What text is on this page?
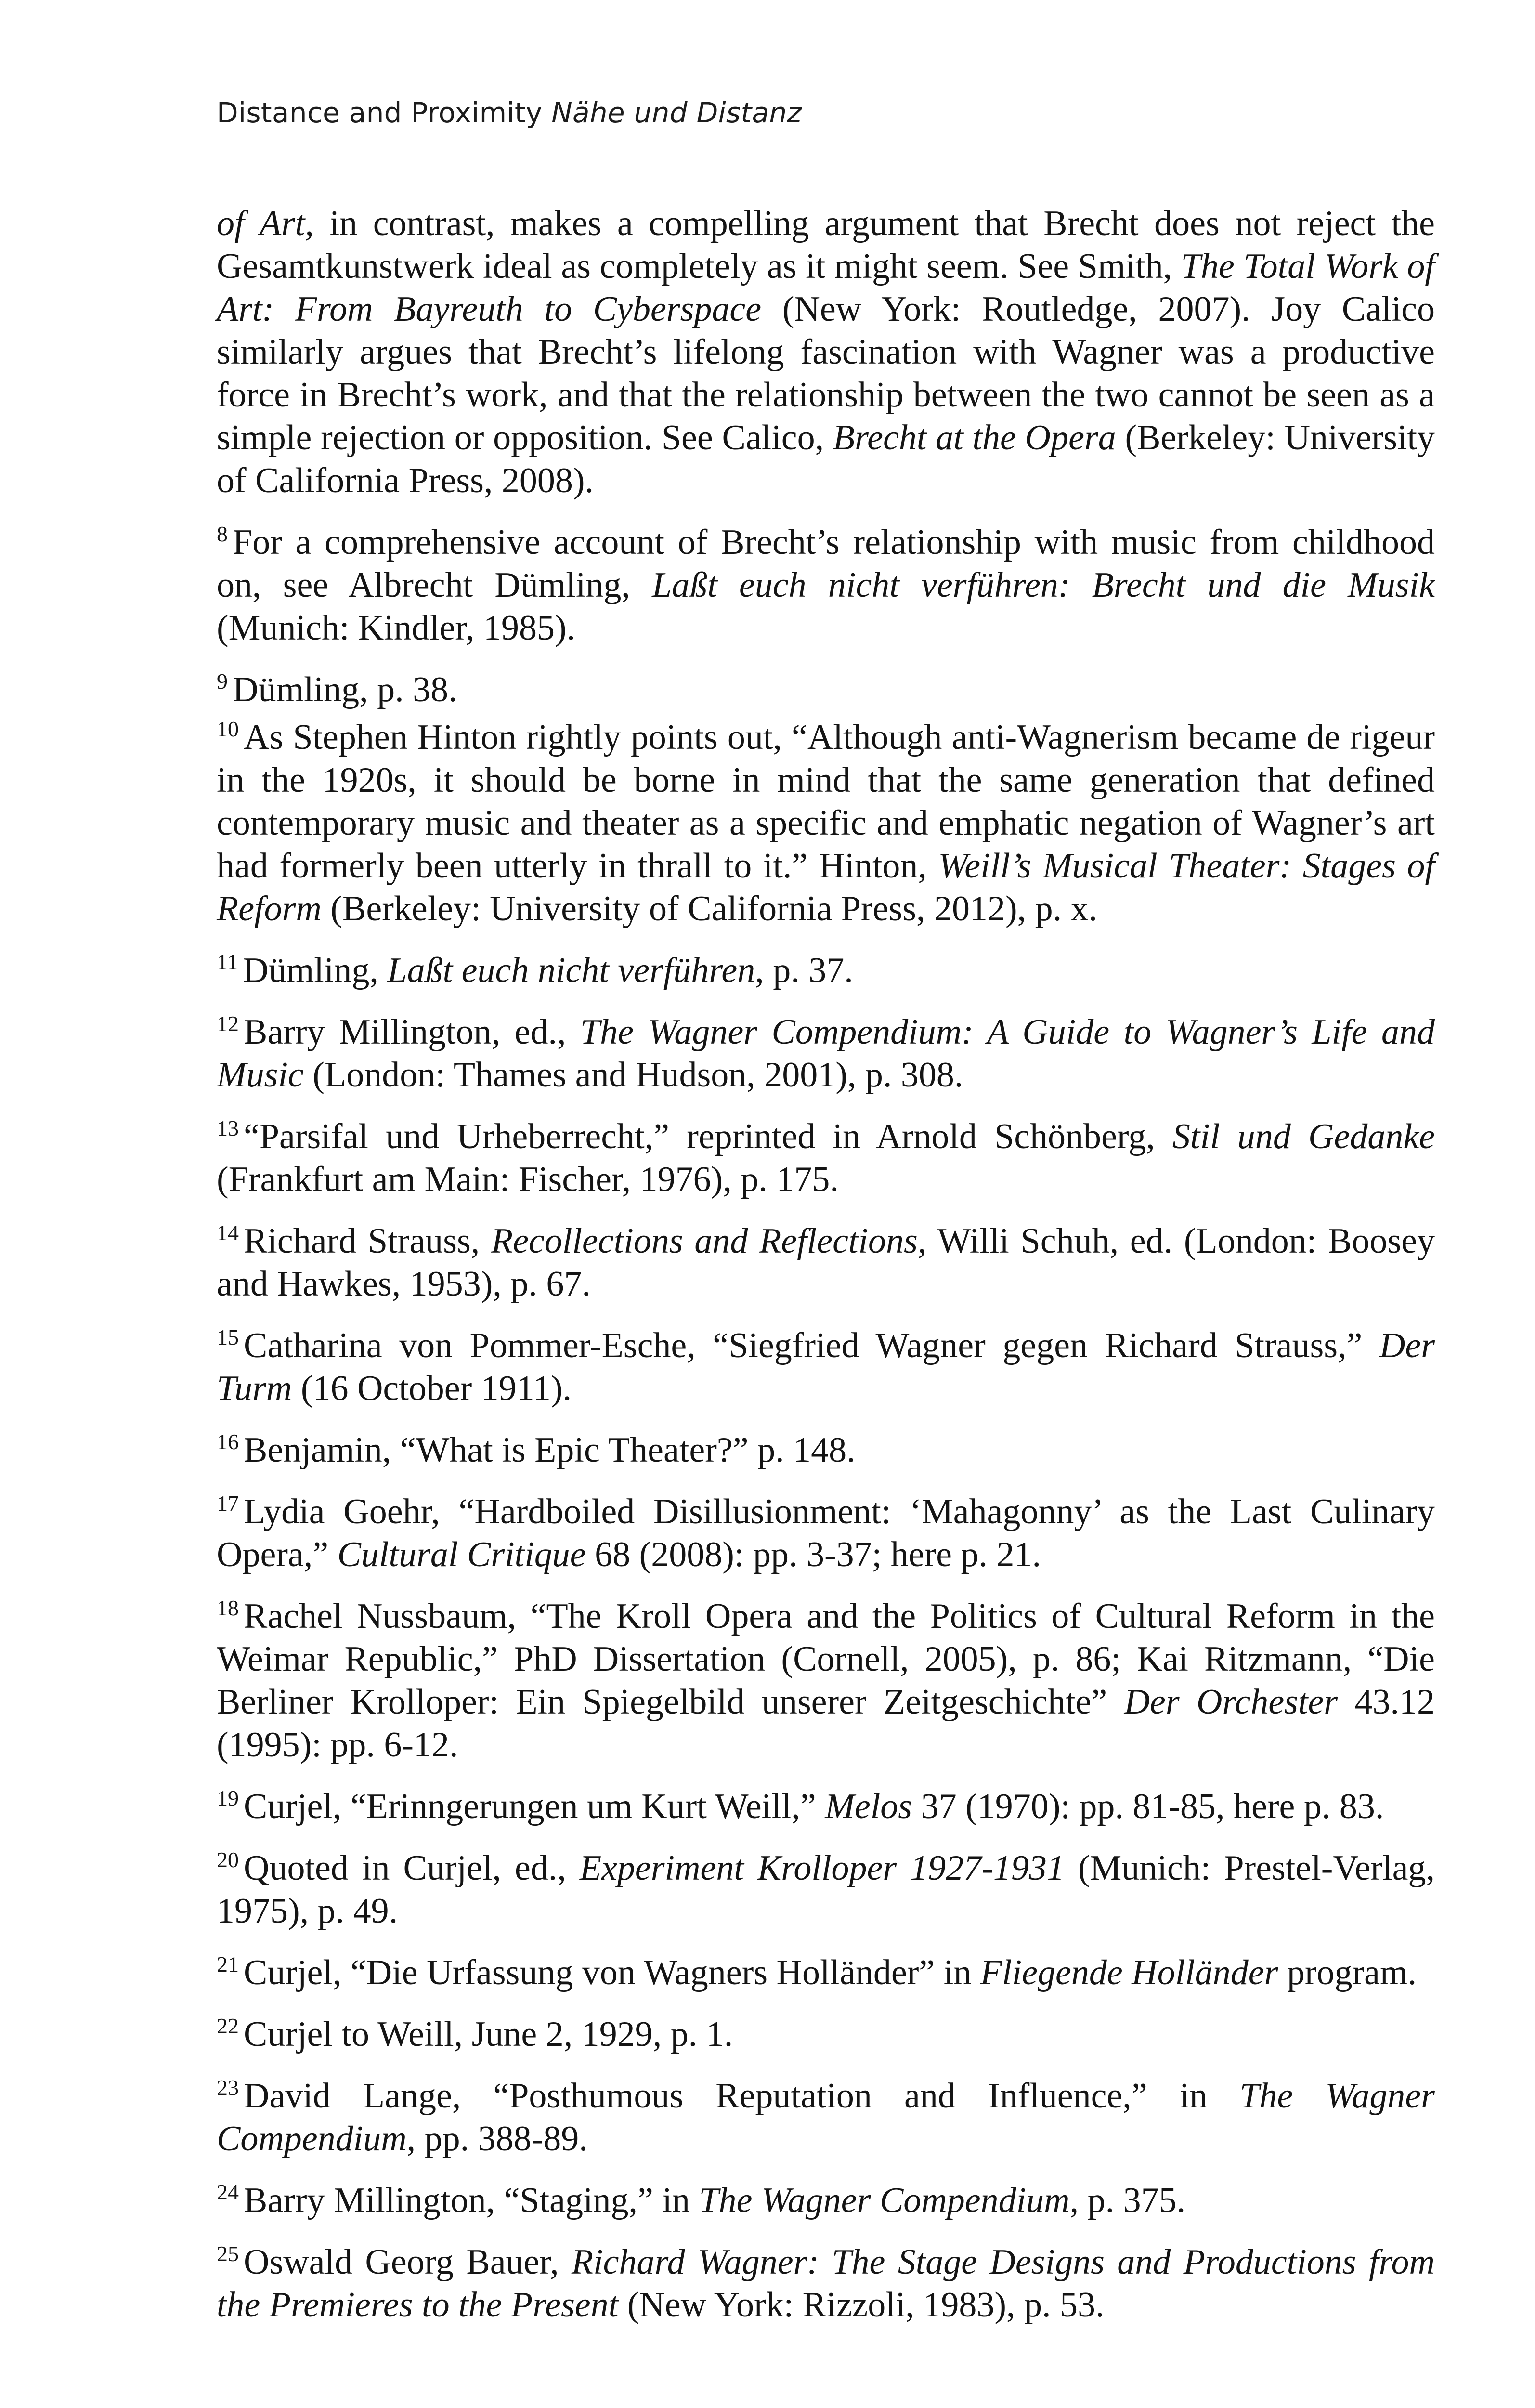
Distance and Proximity Nähe und Distanz

of Art, in contrast, makes a compelling argument that Brecht does not reject the Gesamtkunstwerk ideal as completely as it might seem. See Smith, The Total Work of Art: From Bayreuth to Cyberspace (New York: Routledge, 2007). Joy Calico similarly argues that Brecht’s lifelong fascination with Wagner was a productive force in Brecht’s work, and that the relationship between the two cannot be seen as a simple rejection or opposition. See Calico, Brecht at the Opera (Berkeley: University of California Press, 2008).

$^8$ For a comprehensive account of Brecht’s relationship with music from childhood on, see Albrecht Dümling, Laßt euch nicht verführen: Brecht und die Musik (Munich: Kindler, 1985).

$^9$ Dümling, p. 38.

$^{10}$ As Stephen Hinton rightly points out, “Although anti-Wagnerism became de rigeur in the 1920s, it should be borne in mind that the same generation that defined contemporary music and theater as a specific and emphatic negation of Wagner’s art had formerly been utterly in thrall to it.” Hinton, Weill’s Musical Theater: Stages of Reform (Berkeley: University of California Press, 2012), p. x.

$^{11}$ Dümling, Laßt euch nicht verführen, p. 37.

$^{12}$ Barry Millington, ed., The Wagner Compendium: A Guide to Wagner’s Life and Music (London: Thames and Hudson, 2001), p. 308.

$^{13}$ “Parsifal und Urheberrecht,” reprinted in Arnold Schönberg, Stil und Gedanke (Frankfurt am Main: Fischer, 1976), p. 175.

$^{14}$ Richard Strauss, Recollections and Reflections, Willi Schuh, ed. (London: Boosey and Hawkes, 1953), p. 67.

$^{15}$ Catharina von Pommer-Esche, “Siegfried Wagner gegen Richard Strauss,” Der Turm (16 October 1911).

$^{16}$ Benjamin, “What is Epic Theater?” p. 148.

$^{17}$ Lydia Goehr, “Hardboiled Disillusionment: ‘Mahagonny’ as the Last Culinary Opera,” Cultural Critique 68 (2008): pp. 3-37; here p. 21.

$^{18}$ Rachel Nussbaum, “The Kroll Opera and the Politics of Cultural Reform in the Weimar Republic,” PhD Dissertation (Cornell, 2005), p. 86; Kai Ritzmann, “Die Berliner Krolloper: Ein Spiegelbild unserer Zeitgeschichte” Der Orchester 43.12 (1995): pp. 6-12.

$^{19}$ Curjel, “Erinngerungen um Kurt Weill,” Melos 37 (1970): pp. 81-85, here p. 83.

$^{20}$ Quoted in Curjel, ed., Experiment Krolloper 1927-1931 (Munich: Prestel-Verlag, 1975), p. 49.

$^{21}$ Curjel, “Die Urfassung von Wagners Holländer” in Fliegende Holländer program.

$^{22}$ Curjel to Weill, June 2, 1929, p. 1.

$^{23}$ David Lange, “Posthumous Reputation and Influence,” in The Wagner Compendium, pp. 388-89.

$^{24}$ Barry Millington, “Staging,” in The Wagner Compendium, p. 375.

$^{25}$ Oswald Georg Bauer, Richard Wagner: The Stage Designs and Productions from the Premieres to the Present (New York: Rizzoli, 1983), p. 53.
